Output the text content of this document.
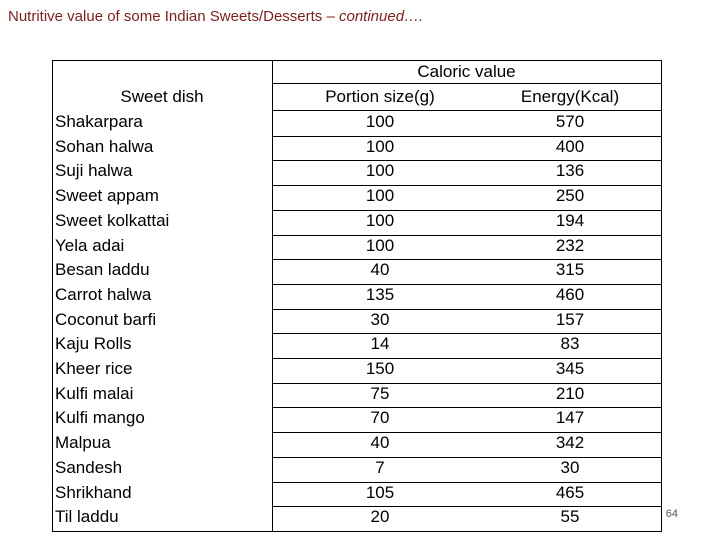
Nutritive value of some Indian Sweets/Desserts – continued….
Caloric value
Sweet dish	Portion size(g)	Energy(Kcal)
Shakarpara	100	570
Sohan halwa	100	400
Suji halwa	100	136
Sweet appam	100	250
Sweet kolkattai	100	194
Yela adai	100	232
Besan laddu	40	315
Carrot halwa	135	460
Coconut barfi	30	157
Kaju Rolls	14	83
Kheer rice	150	345
Kulfi malai	75	210
Kulfi mango	70	147
Malpua	40	342
Sandesh	7	30
Shrikhand	105	465
Til laddu	20	55	64
